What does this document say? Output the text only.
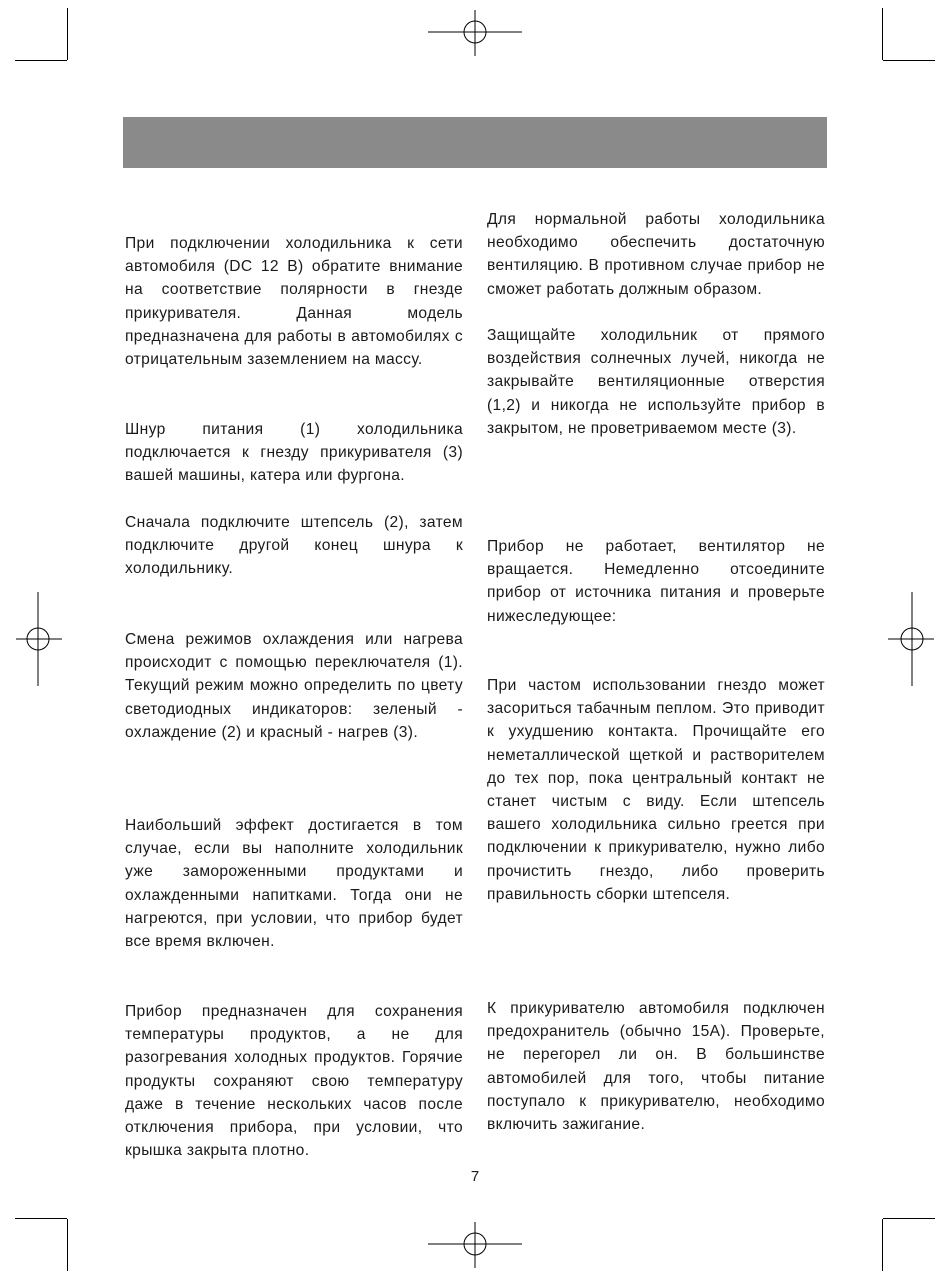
При подключении холодильника к сети автомобиля (DC 12 В) обратите внимание на соответствие полярности в гнезде прикуривателя. Данная модель предназначена для работы в автомобилях с отрицательным заземлением на массу.

Шнур питания (1) холодильника подключается к гнезду прикуривателя (3) вашей машины, катера или фургона.

Сначала подключите штепсель (2), затем подключите другой конец шнура к холодильнику.

Смена режимов охлаждения или нагрева происходит с помощью переключателя (1). Текущий режим можно определить по цвету светодиодных индикаторов: зеленый - охлаждение (2) и красный - нагрев (3).

Наибольший эффект достигается в том случае, если вы наполните холодильник уже замороженными продуктами и охлажденными напитками. Тогда они не нагреются, при условии, что прибор будет все время включен.

Прибор предназначен для сохранения температуры продуктов, а не для разогревания холодных продуктов. Горячие продукты сохраняют свою температуру даже в течение нескольких часов после отключения прибора, при условии, что крышка закрыта плотно.

Для нормальной работы холодильника необходимо обеспечить достаточную вентиляцию. В противном случае прибор не сможет работать должным образом.

Защищайте холодильник от прямого воздействия солнечных лучей, никогда не закрывайте вентиляционные отверстия (1,2) и никогда не используйте прибор в закрытом, не проветриваемом месте (3).

Прибор не работает, вентилятор не вращается. Немедленно отсоедините прибор от источника питания и проверьте нижеследующее:

При частом использовании гнездо может засориться табачным пеплом. Это приводит к ухудшению контакта. Прочищайте его неметаллической щеткой и растворителем до тех пор, пока центральный контакт не станет чистым с виду. Если штепсель вашего холодильника сильно греется при подключении к прикуривателю, нужно либо прочистить гнездо, либо проверить правильность сборки штепселя.

К прикуривателю автомобиля подключен предохранитель (обычно 15А). Проверьте, не перегорел ли он. В большинстве автомобилей для того, чтобы питание поступало к прикуривателю, необходимо включить зажигание.

7
